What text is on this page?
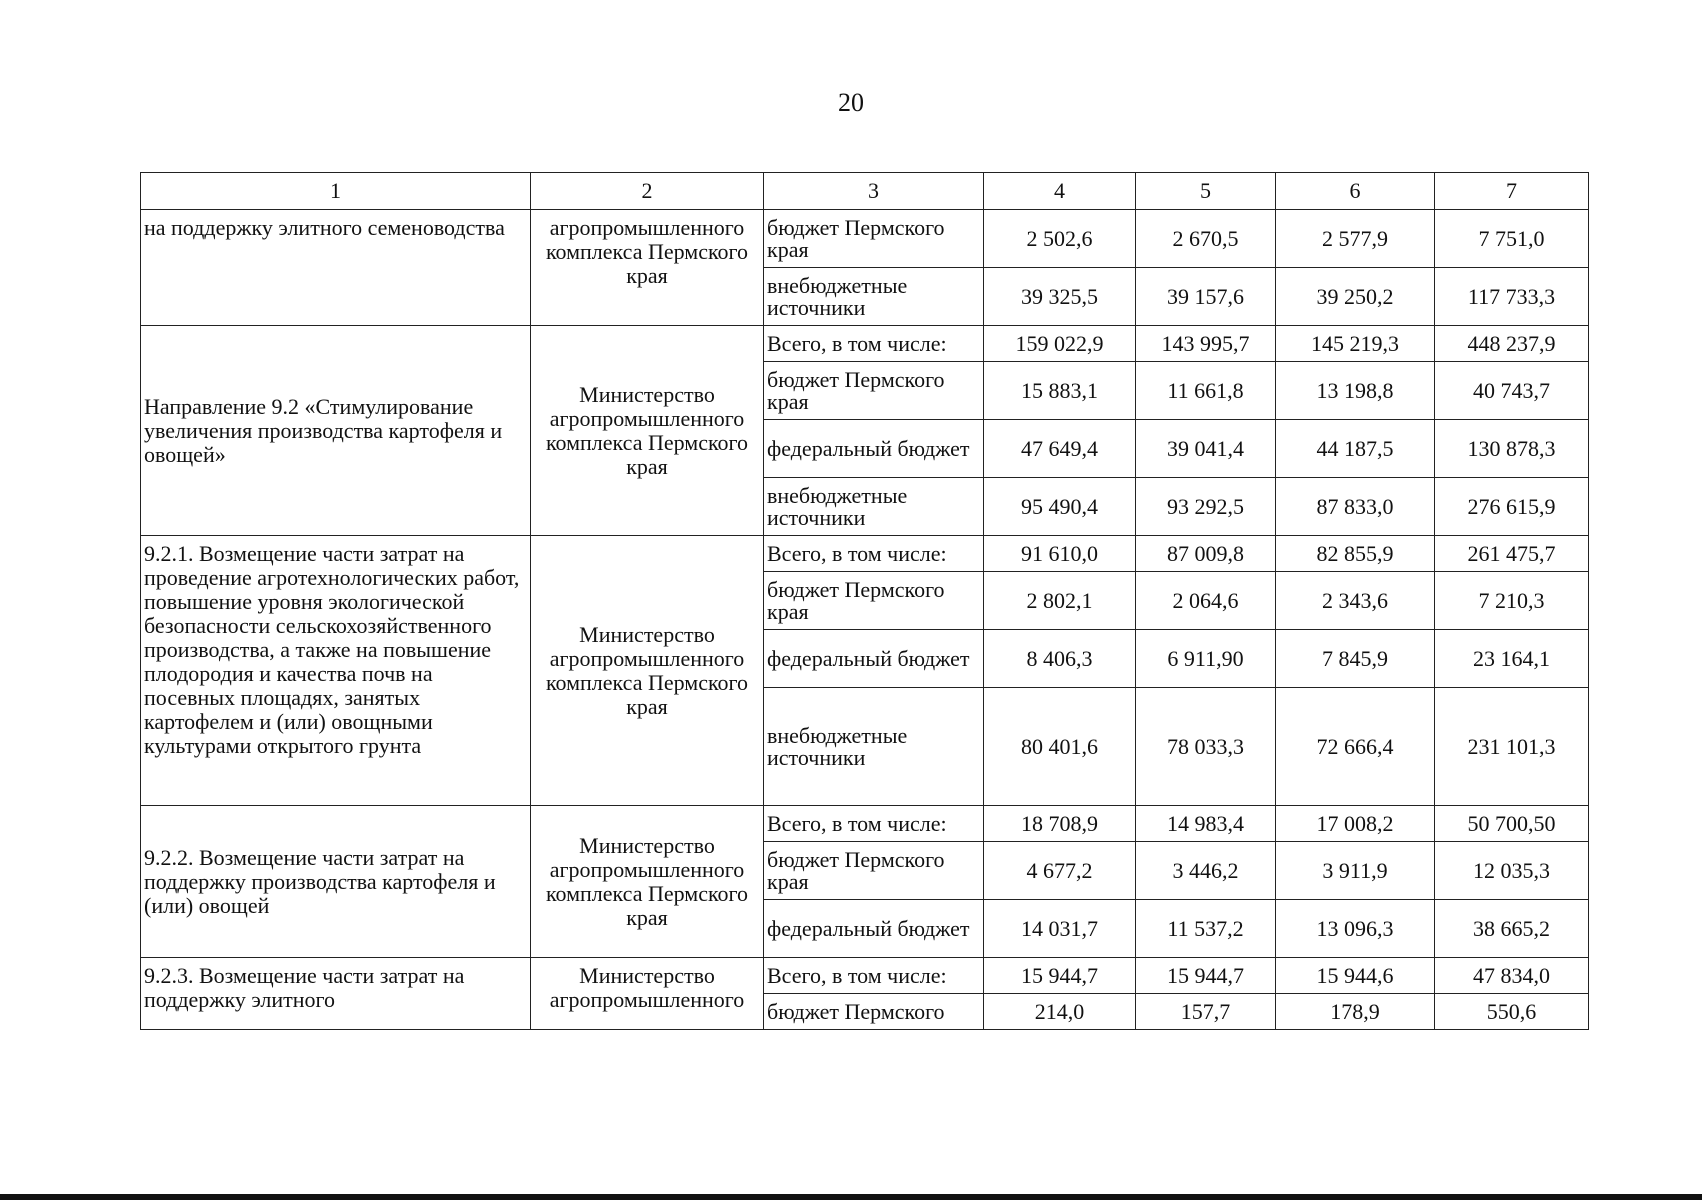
20
1	2	3	4	5	6	7
на поддержку элитного семеноводства	агропромышленного комплекса Пермского края	бюджет Пермского края	2 502,6	2 670,5	2 577,9	7 751,0
		внебюджетные источники	39 325,5	39 157,6	39 250,2	117 733,3
Направление 9.2 «Стимулирование увеличения производства картофеля и овощей»	Министерство агропромышленного комплекса Пермского края	Всего, в том числе:	159 022,9	143 995,7	145 219,3	448 237,9
		бюджет Пермского края	15 883,1	11 661,8	13 198,8	40 743,7
		федеральный бюджет	47 649,4	39 041,4	44 187,5	130 878,3
		внебюджетные источники	95 490,4	93 292,5	87 833,0	276 615,9
9.2.1. Возмещение части затрат на проведение агротехнологических работ, повышение уровня экологической безопасности сельскохозяйственного производства, а также на повышение плодородия и качества почв на посевных площадях, занятых картофелем и (или) овощными культурами открытого грунта	Министерство агропромышленного комплекса Пермского края	Всего, в том числе:	91 610,0	87 009,8	82 855,9	261 475,7
		бюджет Пермского края	2 802,1	2 064,6	2 343,6	7 210,3
		федеральный бюджет	8 406,3	6 911,90	7 845,9	23 164,1
		внебюджетные источники	80 401,6	78 033,3	72 666,4	231 101,3
9.2.2. Возмещение части затрат на поддержку производства картофеля и (или) овощей	Министерство агропромышленного комплекса Пермского края	Всего, в том числе:	18 708,9	14 983,4	17 008,2	50 700,50
		бюджет Пермского края	4 677,2	3 446,2	3 911,9	12 035,3
		федеральный бюджет	14 031,7	11 537,2	13 096,3	38 665,2
9.2.3. Возмещение части затрат на поддержку элитного	Министерство агропромышленного	Всего, в том числе:	15 944,7	15 944,7	15 944,6	47 834,0
		бюджет Пермского	214,0	157,7	178,9	550,6
